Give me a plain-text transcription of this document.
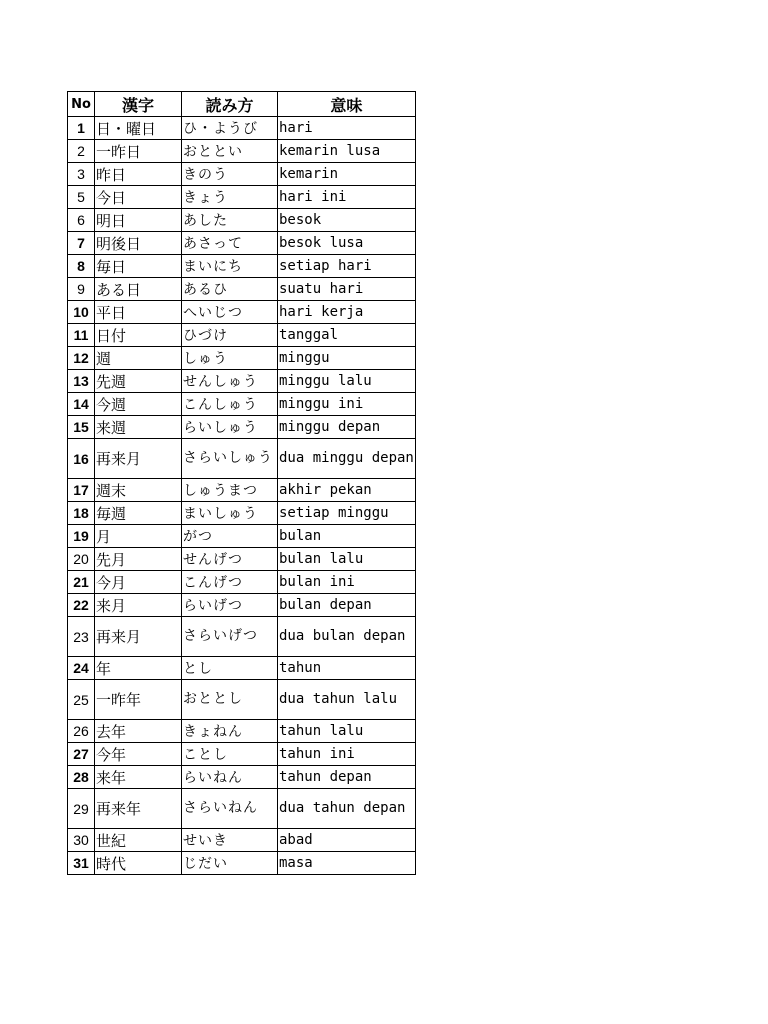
No	漢字	読み方	意味
1	日・曜日	ひ・ようび	hari
2	一昨日	おととい	kemarin lusa
3	昨日	きのう	kemarin
5	今日	きょう	hari ini
6	明日	あした	besok
7	明後日	あさって	besok lusa
8	毎日	まいにち	setiap hari
9	ある日	あるひ	suatu hari
10	平日	へいじつ	hari kerja
11	日付	ひづけ	tanggal
12	週	しゅう	minggu
13	先週	せんしゅう	minggu lalu
14	今週	こんしゅう	minggu ini
15	来週	らいしゅう	minggu depan
16	再来月	さらいしゅう	dua minggu depan
17	週末	しゅうまつ	akhir pekan
18	毎週	まいしゅう	setiap minggu
19	月	がつ	bulan
20	先月	せんげつ	bulan lalu
21	今月	こんげつ	bulan ini
22	来月	らいげつ	bulan depan
23	再来月	さらいげつ	dua bulan depan
24	年	とし	tahun
25	一昨年	おととし	dua tahun lalu
26	去年	きょねん	tahun lalu
27	今年	ことし	tahun ini
28	来年	らいねん	tahun depan
29	再来年	さらいねん	dua tahun depan
30	世紀	せいき	abad
31	時代	じだい	masa
